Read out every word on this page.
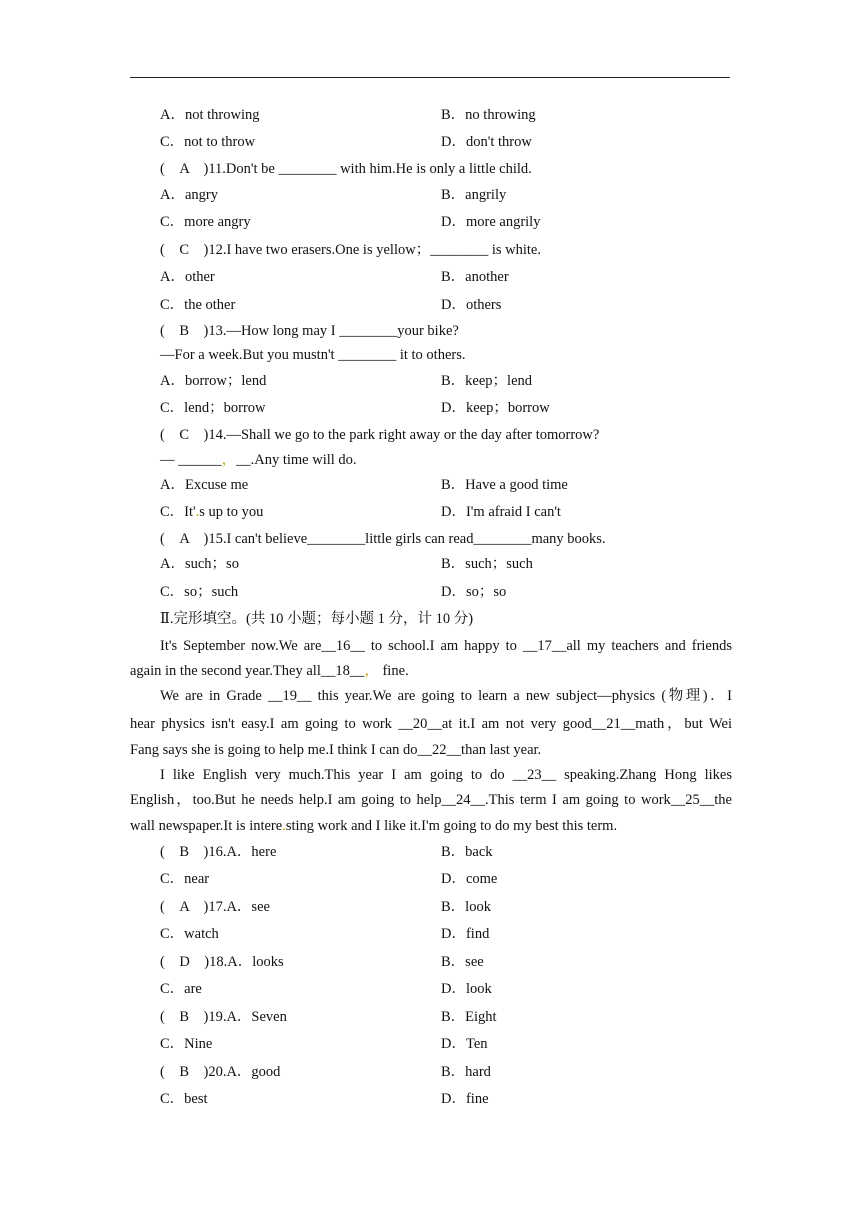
A．not throwing	B．no throwing
C．not to throw	D．don't throw
(　A　)11.Don't be ________ with him.He is only a little child.
A．angry	B．angrily
C．more angry	D．more angrily
(　C　)12.I have two erasers.One is yellow；________ is white.
A．other	B．another
C．the other	D．others
(　B　)13.—How long may I ________your bike?
—For a week.But you mustn't ________ it to others.
A．borrow；lend	B．keep；lend
C．lend；borrow	D．keep；borrow
(　C　)14.—Shall we go to the park right away or the day after tomorrow?
— ______，__.Any time will do.
A．Excuse me	B．Have a good time
C．It'.s up to you	D．I'm afraid I can't
(　A　)15.I can't believe________little girls can read________many books.
A．such；so	B．such；such
C．so；such	D．so；so
Ⅱ.完形填空。(共 10 小题；每小题 1 分，计 10 分)
It's September now.We are__16__ to school.I am happy to __17__all my teachers and friends
again in the second year.They all__18__， fine.
We are in Grade __19__ this year.We are going to learn a new subject—physics (物理)．I
hear physics isn't easy.I am going to work __20__at it.I am not very good__21__math，but Wei
Fang says she is going to help me.I think I can do__22__than last year.
I like English very much.This year I am going to do __23__ speaking.Zhang Hong likes
English，too.But he needs help.I am going to help__24__.This term I am going to work__25__the
wall newspaper.It is intere.sting work and I like it.I'm going to do my best this term.
(　B　)16.A．here	B．back
C．near	D．come
(　A　)17.A．see	B．look
C．watch	D．find
(　D　)18.A．looks	B．see
C．are	D．look
(　B　)19.A．Seven	B．Eight
C．Nine	D．Ten
(　B　)20.A．good	B．hard
C．best	D．fine
